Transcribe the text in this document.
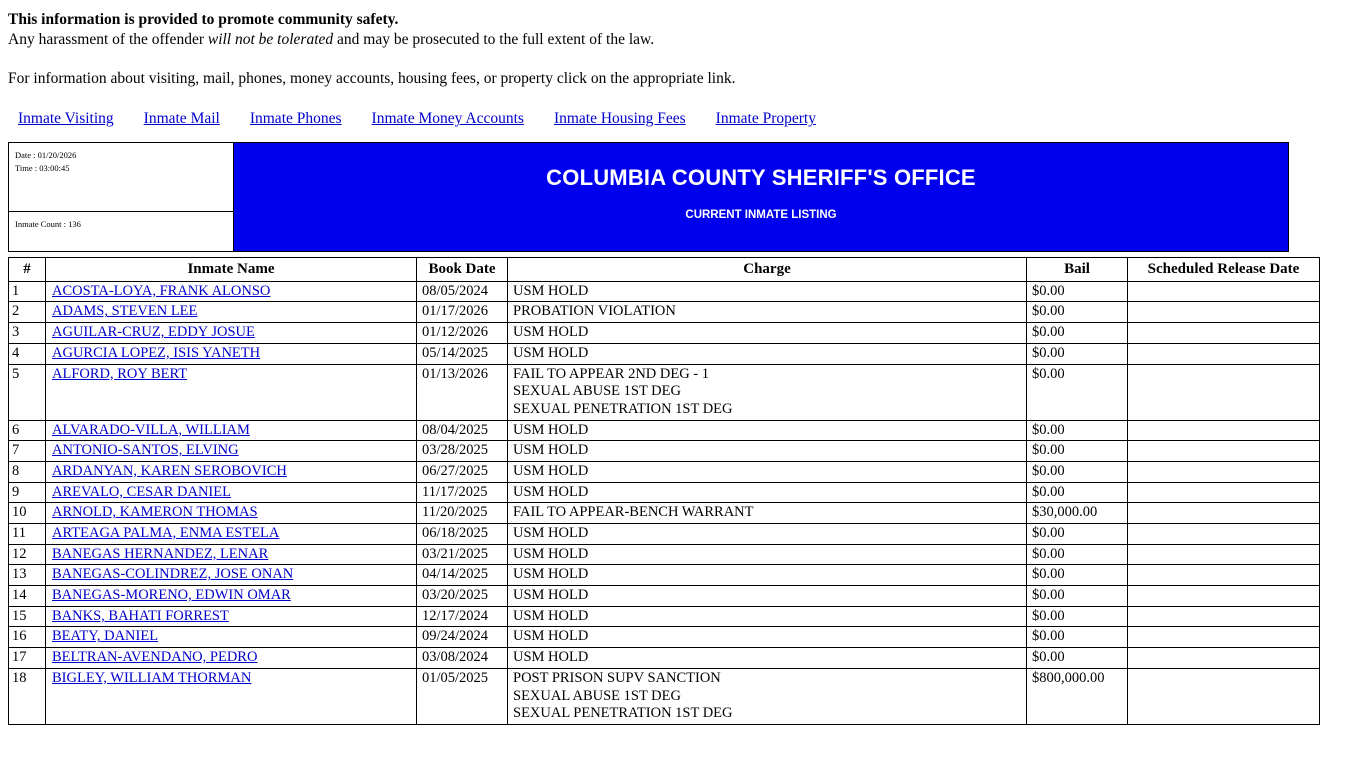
This information is provided to promote community safety.
Any harassment of the offender will not be tolerated and may be prosecuted to the full extent of the law.
For information about visiting, mail, phones, money accounts, housing fees, or property click on the appropriate link.
Inmate Visiting Inmate Mail Inmate Phones Inmate Money Accounts Inmate Housing Fees Inmate Property
Date : 01/20/2026
Time : 03:00:45	COLUMBIA COUNTY SHERIFF'S OFFICE
CURRENT INMATE LISTING

Inmate Count : 136
#	Inmate Name	Book Date	Charge	Bail	Scheduled Release Date
1	ACOSTA-LOYA, FRANK ALONSO	08/05/2024	USM HOLD	$0.00	
2	ADAMS, STEVEN LEE	01/17/2026	PROBATION VIOLATION	$0.00	
3	AGUILAR-CRUZ, EDDY JOSUE	01/12/2026	USM HOLD	$0.00	
4	AGURCIA LOPEZ, ISIS YANETH	05/14/2025	USM HOLD	$0.00	
5	ALFORD, ROY BERT	01/13/2026	FAIL TO APPEAR 2ND DEG - 1
SEXUAL ABUSE 1ST DEG
SEXUAL PENETRATION 1ST DEG	$0.00	
6	ALVARADO-VILLA, WILLIAM	08/04/2025	USM HOLD	$0.00	
7	ANTONIO-SANTOS, ELVING	03/28/2025	USM HOLD	$0.00	
8	ARDANYAN, KAREN SEROBOVICH	06/27/2025	USM HOLD	$0.00	
9	AREVALO, CESAR DANIEL	11/17/2025	USM HOLD	$0.00	
10	ARNOLD, KAMERON THOMAS	11/20/2025	FAIL TO APPEAR-BENCH WARRANT	$30,000.00	
11	ARTEAGA PALMA, ENMA ESTELA	06/18/2025	USM HOLD	$0.00	
12	BANEGAS HERNANDEZ, LENAR	03/21/2025	USM HOLD	$0.00	
13	BANEGAS-COLINDREZ, JOSE ONAN	04/14/2025	USM HOLD	$0.00	
14	BANEGAS-MORENO, EDWIN OMAR	03/20/2025	USM HOLD	$0.00	
15	BANKS, BAHATI FORREST	12/17/2024	USM HOLD	$0.00	
16	BEATY, DANIEL	09/24/2024	USM HOLD	$0.00	
17	BELTRAN-AVENDANO, PEDRO	03/08/2024	USM HOLD	$0.00	
18	BIGLEY, WILLIAM THORMAN	01/05/2025	POST PRISON SUPV SANCTION
SEXUAL ABUSE 1ST DEG
SEXUAL PENETRATION 1ST DEG	$800,000.00	
